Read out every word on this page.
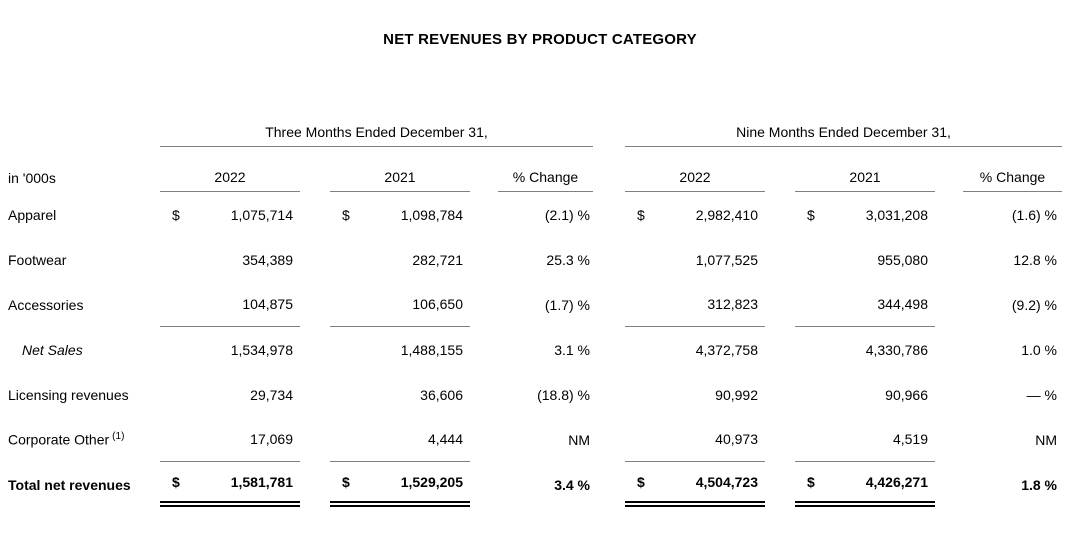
NET REVENUES BY PRODUCT CATEGORY
Three Months Ended December 31,	Nine Months Ended December 31,
in '000s	2022	2021	% Change	2022	2021	% Change
Apparel	$	1,075,714	$	1,098,784	(2.1) %	$	2,982,410	$	3,031,208	(1.6) %
Footwear	354,389	282,721	25.3 %	1,077,525	955,080	12.8 %
Accessories	104,875	106,650	(1.7) %	312,823	344,498	(9.2) %
Net Sales	1,534,978	1,488,155	3.1 %	4,372,758	4,330,786	1.0 %
Licensing revenues	29,734	36,606	(18.8) %	90,992	90,966	— %
Corporate Other $^{(1)}$	17,069	4,444	NM	40,973	4,519	NM
Total net revenues	$	1,581,781	$	1,529,205	3.4 %	$	4,504,723	$	4,426,271	1.8 %
